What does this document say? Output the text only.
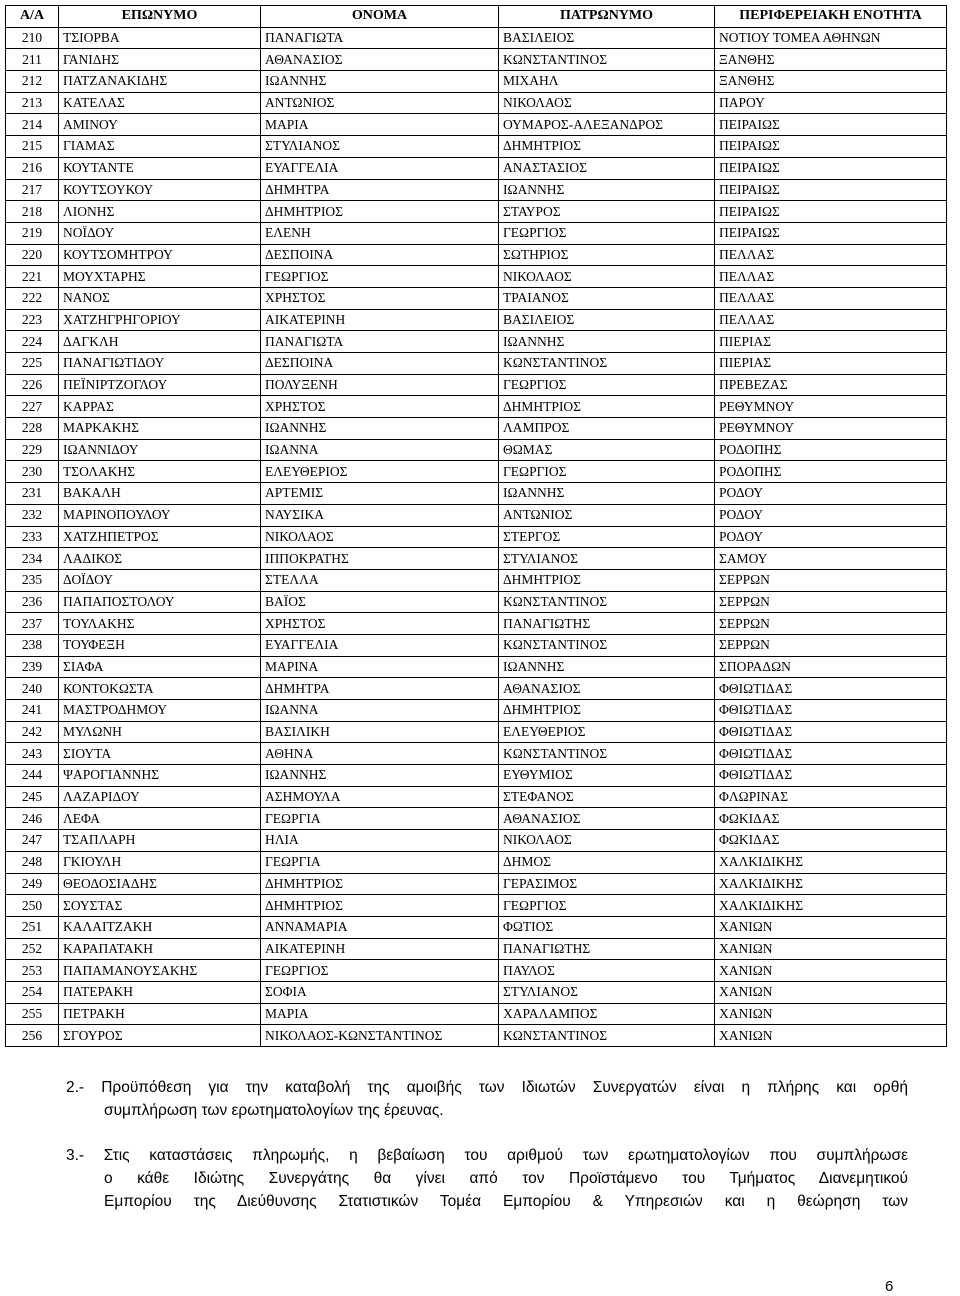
Α/Α	ΕΠΩΝΥΜΟ	ΟΝΟΜΑ	ΠΑΤΡΩΝΥΜΟ	ΠΕΡΙΦΕΡΕΙΑΚΗ ΕΝΟΤΗΤΑ
210	ΤΣΙΟΡΒΑ	ΠΑΝΑΓΙΩΤΑ	ΒΑΣΙΛΕΙΟΣ	ΝΟΤΙΟΥ ΤΟΜΕΑ ΑΘΗΝΩΝ
211	ΓΑΝΙΔΗΣ	ΑΘΑΝΑΣΙΟΣ	ΚΩΝΣΤΑΝΤΙΝΟΣ	ΞΑΝΘΗΣ
212	ΠΑΤΖΑΝΑΚΙΔΗΣ	ΙΩΑΝΝΗΣ	ΜΙΧΑΗΛ	ΞΑΝΘΗΣ
213	ΚΑΤΕΛΑΣ	ΑΝΤΩΝΙΟΣ	ΝΙΚΟΛΑΟΣ	ΠΑΡΟΥ
214	ΑΜΙΝΟΥ	ΜΑΡΙΑ	ΟΥΜΑΡΟΣ-ΑΛΕΞΑΝΔΡΟΣ	ΠΕΙΡΑΙΩΣ
215	ΓΙΑΜΑΣ	ΣΤΥΛΙΑΝΟΣ	ΔΗΜΗΤΡΙΟΣ	ΠΕΙΡΑΙΩΣ
216	ΚΟΥΤΑΝΤΕ	ΕΥΑΓΓΕΛΙΑ	ΑΝΑΣΤΑΣΙΟΣ	ΠΕΙΡΑΙΩΣ
217	ΚΟΥΤΣΟΥΚΟΥ	ΔΗΜΗΤΡΑ	ΙΩΑΝΝΗΣ	ΠΕΙΡΑΙΩΣ
218	ΛΙΟΝΗΣ	ΔΗΜΗΤΡΙΟΣ	ΣΤΑΥΡΟΣ	ΠΕΙΡΑΙΩΣ
219	ΝΟΪΔΟΥ	ΕΛΕΝΗ	ΓΕΩΡΓΙΟΣ	ΠΕΙΡΑΙΩΣ
220	ΚΟΥΤΣΟΜΗΤΡΟΥ	ΔΕΣΠΟΙΝΑ	ΣΩΤΗΡΙΟΣ	ΠΕΛΛΑΣ
221	ΜΟΥΧΤΑΡΗΣ	ΓΕΩΡΓΙΟΣ	ΝΙΚΟΛΑΟΣ	ΠΕΛΛΑΣ
222	ΝΑΝΟΣ	ΧΡΗΣΤΟΣ	ΤΡΑΙΑΝΟΣ	ΠΕΛΛΑΣ
223	ΧΑΤΖΗΓΡΗΓΟΡΙΟΥ	ΑΙΚΑΤΕΡΙΝΗ	ΒΑΣΙΛΕΙΟΣ	ΠΕΛΛΑΣ
224	ΔΑΓΚΛΗ	ΠΑΝΑΓΙΩΤΑ	ΙΩΑΝΝΗΣ	ΠΙΕΡΙΑΣ
225	ΠΑΝΑΓΙΩΤΙΔΟΥ	ΔΕΣΠΟΙΝΑ	ΚΩΝΣΤΑΝΤΙΝΟΣ	ΠΙΕΡΙΑΣ
226	ΠΕΪΝΙΡΤΖΟΓΛΟΥ	ΠΟΛΥΞΕΝΗ	ΓΕΩΡΓΙΟΣ	ΠΡΕΒΕΖΑΣ
227	ΚΑΡΡΑΣ	ΧΡΗΣΤΟΣ	ΔΗΜΗΤΡΙΟΣ	ΡΕΘΥΜΝΟΥ
228	ΜΑΡΚΑΚΗΣ	ΙΩΑΝΝΗΣ	ΛΑΜΠΡΟΣ	ΡΕΘΥΜΝΟΥ
229	ΙΩΑΝΝΙΔΟΥ	ΙΩΑΝΝΑ	ΘΩΜΑΣ	ΡΟΔΟΠΗΣ
230	ΤΣΟΛΑΚΗΣ	ΕΛΕΥΘΕΡΙΟΣ	ΓΕΩΡΓΙΟΣ	ΡΟΔΟΠΗΣ
231	ΒΑΚΑΛΗ	ΑΡΤΕΜΙΣ	ΙΩΑΝΝΗΣ	ΡΟΔΟΥ
232	ΜΑΡΙΝΟΠΟΥΛΟΥ	ΝΑΥΣΙΚΑ	ΑΝΤΩΝΙΟΣ	ΡΟΔΟΥ
233	ΧΑΤΖΗΠΕΤΡΟΣ	ΝΙΚΟΛΑΟΣ	ΣΤΕΡΓΟΣ	ΡΟΔΟΥ
234	ΛΑΔΙΚΟΣ	ΙΠΠΟΚΡΑΤΗΣ	ΣΤΥΛΙΑΝΟΣ	ΣΑΜΟΥ
235	ΔΟΪΔΟΥ	ΣΤΕΛΛΑ	ΔΗΜΗΤΡΙΟΣ	ΣΕΡΡΩΝ
236	ΠΑΠΑΠΟΣΤΟΛΟΥ	ΒΑΪΟΣ	ΚΩΝΣΤΑΝΤΙΝΟΣ	ΣΕΡΡΩΝ
237	ΤΟΥΛΑΚΗΣ	ΧΡΗΣΤΟΣ	ΠΑΝΑΓΙΩΤΗΣ	ΣΕΡΡΩΝ
238	ΤΟΥΦΕΞΗ	ΕΥΑΓΓΕΛΙΑ	ΚΩΝΣΤΑΝΤΙΝΟΣ	ΣΕΡΡΩΝ
239	ΣΙΑΦΑ	ΜΑΡΙΝΑ	ΙΩΑΝΝΗΣ	ΣΠΟΡΑΔΩΝ
240	ΚΟΝΤΟΚΩΣΤΑ	ΔΗΜΗΤΡΑ	ΑΘΑΝΑΣΙΟΣ	ΦΘΙΩΤΙΔΑΣ
241	ΜΑΣΤΡΟΔΗΜΟΥ	ΙΩΑΝΝΑ	ΔΗΜΗΤΡΙΟΣ	ΦΘΙΩΤΙΔΑΣ
242	ΜΥΛΩΝΗ	ΒΑΣΙΛΙΚΗ	ΕΛΕΥΘΕΡΙΟΣ	ΦΘΙΩΤΙΔΑΣ
243	ΣΙΟΥΤΑ	ΑΘΗΝΑ	ΚΩΝΣΤΑΝΤΙΝΟΣ	ΦΘΙΩΤΙΔΑΣ
244	ΨΑΡΟΓΙΑΝΝΗΣ	ΙΩΑΝΝΗΣ	ΕΥΘΥΜΙΟΣ	ΦΘΙΩΤΙΔΑΣ
245	ΛΑΖΑΡΙΔΟΥ	ΑΣΗΜΟΥΛΑ	ΣΤΕΦΑΝΟΣ	ΦΛΩΡΙΝΑΣ
246	ΛΕΦΑ	ΓΕΩΡΓΙΑ	ΑΘΑΝΑΣΙΟΣ	ΦΩΚΙΔΑΣ
247	ΤΣΑΠΛΑΡΗ	ΗΛΙΑ	ΝΙΚΟΛΑΟΣ	ΦΩΚΙΔΑΣ
248	ΓΚΙΟΥΛΗ	ΓΕΩΡΓΙΑ	ΔΗΜΟΣ	ΧΑΛΚΙΔΙΚΗΣ
249	ΘΕΟΔΟΣΙΑΔΗΣ	ΔΗΜΗΤΡΙΟΣ	ΓΕΡΑΣΙΜΟΣ	ΧΑΛΚΙΔΙΚΗΣ
250	ΣΟΥΣΤΑΣ	ΔΗΜΗΤΡΙΟΣ	ΓΕΩΡΓΙΟΣ	ΧΑΛΚΙΔΙΚΗΣ
251	ΚΑΛΑΙΤΖΑΚΗ	ΑΝΝΑΜΑΡΙΑ	ΦΩΤΙΟΣ	ΧΑΝΙΩΝ
252	ΚΑΡΑΠΑΤΑΚΗ	ΑΙΚΑΤΕΡΙΝΗ	ΠΑΝΑΓΙΩΤΗΣ	ΧΑΝΙΩΝ
253	ΠΑΠΑΜΑΝΟΥΣΑΚΗΣ	ΓΕΩΡΓΙΟΣ	ΠΑΥΛΟΣ	ΧΑΝΙΩΝ
254	ΠΑΤΕΡΑΚΗ	ΣΟΦΙΑ	ΣΤΥΛΙΑΝΟΣ	ΧΑΝΙΩΝ
255	ΠΕΤΡΑΚΗ	ΜΑΡΙΑ	ΧΑΡΑΛΑΜΠΟΣ	ΧΑΝΙΩΝ
256	ΣΓΟΥΡΟΣ	ΝΙΚΟΛΑΟΣ-ΚΩΝΣΤΑΝΤΙΝΟΣ	ΚΩΝΣΤΑΝΤΙΝΟΣ	ΧΑΝΙΩΝ
2.- Προϋπόθεση για την καταβολή της αμοιβής των Ιδιωτών Συνεργατών είναι η πλήρης και ορθή
συμπλήρωση των ερωτηματολογίων της έρευνας.
3.- Στις καταστάσεις πληρωμής, η βεβαίωση του αριθμού των ερωτηματολογίων που συμπλήρωσε
ο κάθε Ιδιώτης Συνεργάτης θα γίνει από τον Προϊστάμενο του Τμήματος Διανεμητικού
Εμπορίου της Διεύθυνσης Στατιστικών Τομέα Εμπορίου & Υπηρεσιών και η θεώρηση των
6
